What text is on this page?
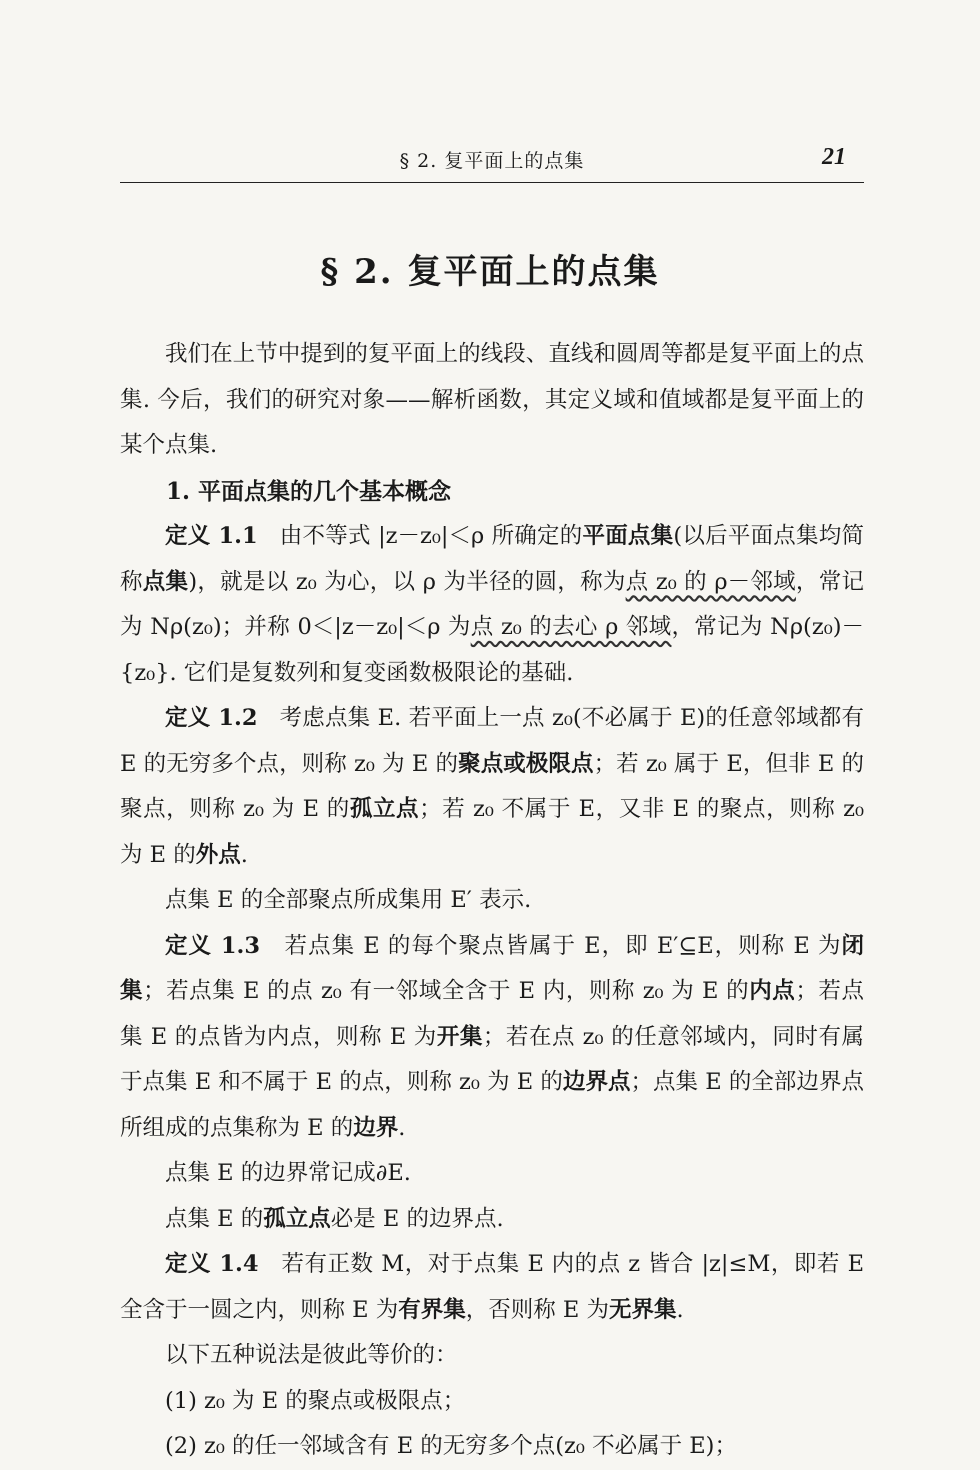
§ 2. 复平面上的点集	21
§ 2. 复平面上的点集

我们在上节中提到的复平面上的线段、直线和圆周等都是复平面上的点集. 今后，我们的研究对象——解析函数，其定义域和值域都是复平面上的某个点集.

1. 平面点集的几个基本概念

定义 1.1 由不等式 |z－z₀|＜ρ 所确定的平面点集(以后平面点集均简称点集)，就是以 z₀ 为心，以 ρ 为半径的圆，称为点 z₀ 的 ρ－邻域，常记为 Nρ(z₀)；并称 0＜|z－z₀|＜ρ 为点 z₀ 的去心 ρ 邻域，常记为 Nρ(z₀)－{z₀}. 它们是复数列和复变函数极限论的基础.

定义 1.2 考虑点集 E. 若平面上一点 z₀(不必属于 E)的任意邻域都有 E 的无穷多个点，则称 z₀ 为 E 的聚点或极限点；若 z₀ 属于 E，但非 E 的聚点，则称 z₀ 为 E 的孤立点；若 z₀ 不属于 E，又非 E 的聚点，则称 z₀ 为 E 的外点.

点集 E 的全部聚点所成集用 E′ 表示.

定义 1.3 若点集 E 的每个聚点皆属于 E，即 E′⊆E，则称 E 为闭集；若点集 E 的点 z₀ 有一邻域全含于 E 内，则称 z₀ 为 E 的内点；若点集 E 的点皆为内点，则称 E 为开集；若在点 z₀ 的任意邻域内，同时有属于点集 E 和不属于 E 的点，则称 z₀ 为 E 的边界点；点集 E 的全部边界点所组成的点集称为 E 的边界.

点集 E 的边界常记成∂E.

点集 E 的孤立点必是 E 的边界点.

定义 1.4 若有正数 M，对于点集 E 内的点 z 皆合 |z|≤M，即若 E 全含于一圆之内，则称 E 为有界集，否则称 E 为无界集.

以下五种说法是彼此等价的：

(1) z₀ 为 E 的聚点或极限点；

(2) z₀ 的任一邻域含有 E 的无穷多个点(z₀ 不必属于 E)；
